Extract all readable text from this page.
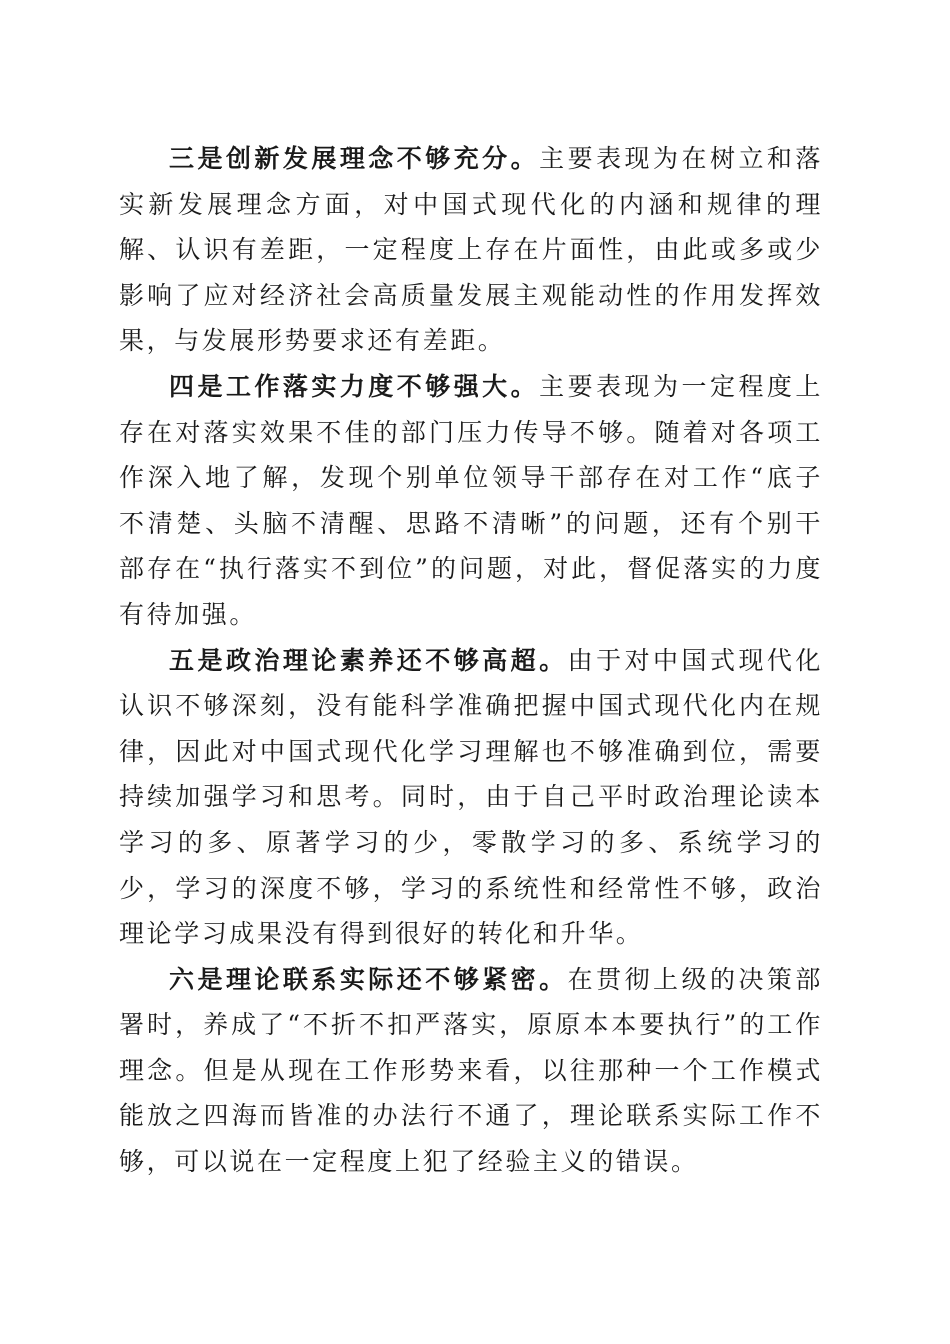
三是创新发展理念不够充分。主要表现为在树立和落实新发展理念方面，对中国式现代化的内涵和规律的理解、认识有差距，一定程度上存在片面性，由此或多或少影响了应对经济社会高质量发展主观能动性的作用发挥效果，与发展形势要求还有差距。

四是工作落实力度不够强大。主要表现为一定程度上存在对落实效果不佳的部门压力传导不够。随着对各项工作深入地了解，发现个别单位领导干部存在对工作“底子不清楚、头脑不清醒、思路不清晰”的问题，还有个别干部存在“执行落实不到位”的问题，对此，督促落实的力度有待加强。

五是政治理论素养还不够高超。由于对中国式现代化认识不够深刻，没有能科学准确把握中国式现代化内在规律，因此对中国式现代化学习理解也不够准确到位，需要持续加强学习和思考。同时，由于自己平时政治理论读本学习的多、原著学习的少，零散学习的多、系统学习的少，学习的深度不够，学习的系统性和经常性不够，政治理论学习成果没有得到很好的转化和升华。

六是理论联系实际还不够紧密。在贯彻上级的决策部署时，养成了“不折不扣严落实，原原本本要执行”的工作理念。但是从现在工作形势来看，以往那种一个工作模式能放之四海而皆准的办法行不通了，理论联系实际工作不够，可以说在一定程度上犯了经验主义的错误。
